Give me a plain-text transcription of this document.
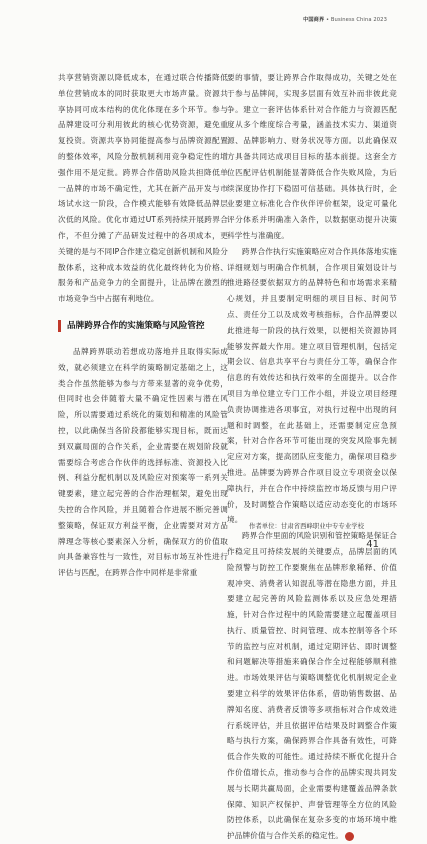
中国商界 • Business China 2023

共享营销资源以降低成本，在通过联合传播降低单位营销成本的同时获取更大市场声量。资源共享协同可成本结构的优化体现在多个环节。参与品牌建设可分利用彼此的核心优势资源，避免重复投资。资源共享协同能提高参与品牌资源配置的整体效率，风险分散机制利用竞争稳定性的增强作用不是定批。跨界合作借助风险共担降低单一品牌的市场不确定性，尤其在新产品开发与市场试水这一阶段，合作模式能够有效降低品牌层次低的风险。优化市通过UT系列持续开展跨界合作，不但分摊了产品研发过程中的各项成本，更关键的是与不同IP合作建立稳定创新机制和风险分散体系，这种成本效益的优化最终转化为价格、服务和产品竞争力的全面提升，让品牌在激烈的市场竞争当中占据有利地位。

品牌跨界合作的实施策略与风险管控

品牌跨界联动若想成功落地并且取得实际成效，就必须建立在科学的策略制定基础之上，这类合作虽然能够为参与方带来显著的竞争优势，但同时也会伴随着大量不确定性因素与潜在风险，所以需要通过系统化的策划和精准的风险管控，以此确保当各阶段都能够实现目标，既而达到双赢局面的合作关系，企业需要在规划阶段就需要综合考虑合作伙伴的选择标准、资源投入比例、利益分配机制以及风险应对预案等一系列关键要素，建立起完善的合作治理框架，避免出现失控的合作风险，并且随着合作进展不断完善调整策略，保证双方利益平衡，企业需要对对方品牌理念等核心要素深入分析，确保双方的价值取向具备兼容性与一致性，对目标市场互补性进行评估与匹配，在跨界合作中同样是非常重

要的事情，要让跨界合作取得成功，关键之处在于参与品牌间，实现多层面有效互补而非彼此竞争。建立一套评估体系针对合作能力与资源匹配度从多个维度综合考量，涵盖技术实力、渠道资源、品牌影响力、财务状况等方面。以此确保双方具备共同达成项目目标的基本前提。这套全方位匹配评估机制能显著降低合作失败风险，为后续深度协作打下稳固可信基础。具体执行时，企业要建立标准化合作伙伴评价框架，设定可量化评分体系并明确准入条件，以数据驱动提升决策科学性与准确度。

跨界合作执行实施策略应对合作具体落地实施详细规划与明确合作机制，合作项目策划设计与推进路径要依据双方的品牌特色和市场需求来精心规划，并且要制定明细的项目目标、时间节点、责任分工以及成效考核指标，合作品牌要以此推进每一阶段的执行效果，以便相关资源协同能够发挥最大作用。建立项目管理机制，包括定期会议、信息共享平台与责任分工等，确保合作信息的有效传达和执行效率的全面提升。以合作项目为单位建立专门工作小组，并设立项目经理负责协调推进各项事宜，对执行过程中出现的问题和时调整，在此基础上，还需要制定应急预案，针对合作各环节可能出现的突发风险事先制定应对方案，提高团队应变能力，确保项目稳步推进。品牌要为跨界合作项目设立专项资金以保障执行，并在合作中持续监控市场反馈与用户评价，及时调整合作策略以适应动态变化的市场环境。

跨界合作里面的风险识别和管控策略是保证合作稳定且可持续发展的关键要点，品牌层面的风险预警与防控工作要聚焦在品牌形象稀释、价值观冲突、消费者认知混乱等潜在隐患方面，并且要建立起完善的风险监测体系以及应急处理措施，针对合作过程中的风险需要建立起覆盖项目执行、质量管控、时间管理、成本控制等各个环节的监控与应对机制，通过定期评估、即时调整和问题解决等措施来确保合作全过程能够顺利推进。市场效果评估与策略调整优化机制规定企业要建立科学的效果评估体系，借助销售数据、品牌知名度、消费者反馈等多项指标对合作成效进行系统评估，并且依据评估结果及时调整合作策略与执行方案，确保跨界合作具备有效性，可降低合作失败的可能性。通过持续不断优化提升合作价值增长点，推动参与合作的品牌实现共同发展与长期共赢局面，企业需要构建覆盖品牌条款保障、知识产权保护、声誉管理等全方位的风险防控体系，以此确保在复杂多变的市场环境中维护品牌价值与合作关系的稳定性。

作者单位：甘肃省西峰职业中专专业学校
41
